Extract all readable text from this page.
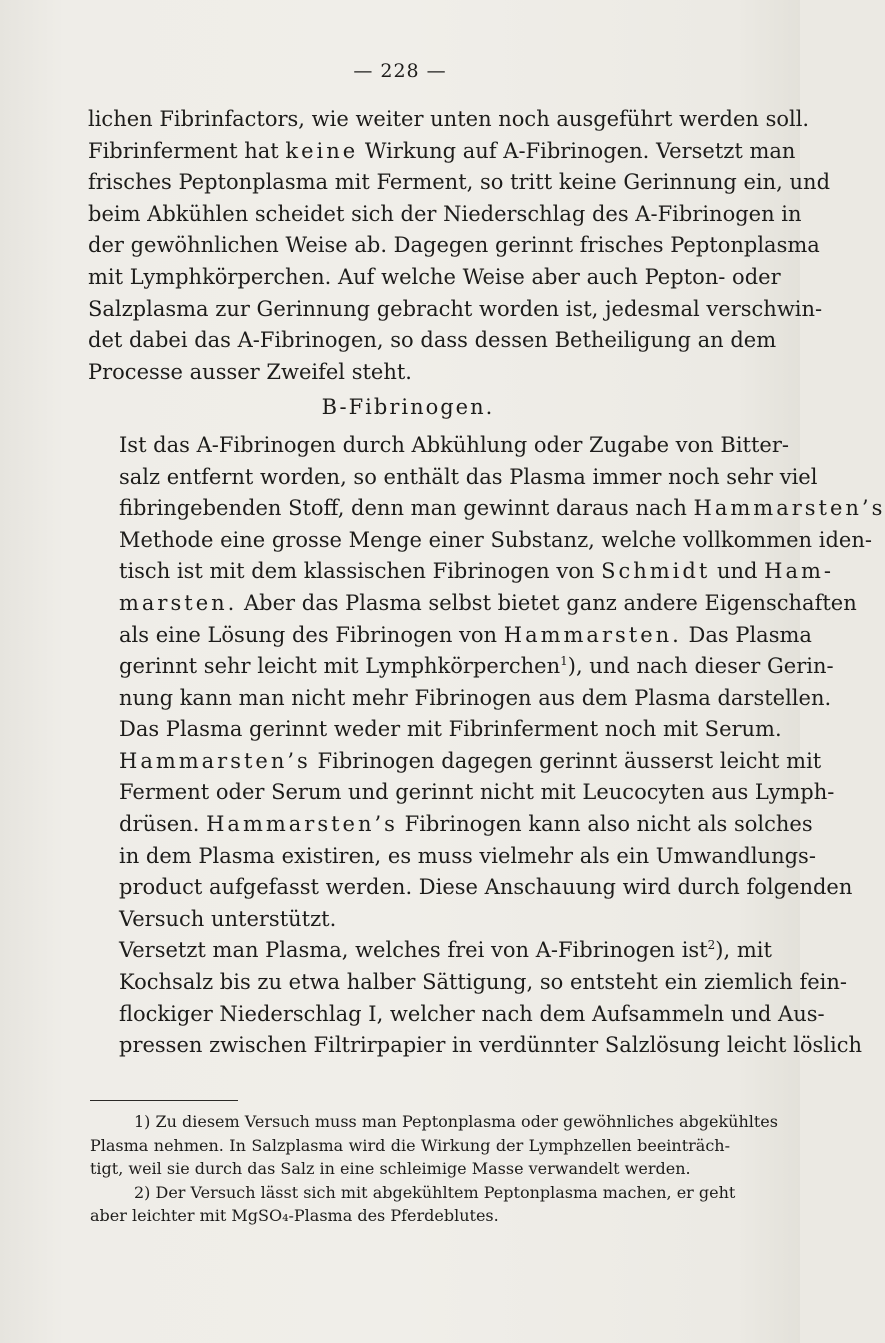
— 228 —

lichen Fibrinfactors, wie weiter unten noch ausgeführt werden soll.
Fibrinferment hat keine Wirkung auf A-Fibrinogen. Versetzt man
frisches Peptonplasma mit Ferment, so tritt keine Gerinnung ein, und
beim Abkühlen scheidet sich der Niederschlag des A-Fibrinogen in
der gewöhnlichen Weise ab. Dagegen gerinnt frisches Peptonplasma
mit Lymphkörperchen. Auf welche Weise aber auch Pepton- oder
Salzplasma zur Gerinnung gebracht worden ist, jedesmal verschwin-
det dabei das A-Fibrinogen, so dass dessen Betheiligung an dem
Processe ausser Zweifel steht.

B-Fibrinogen.

Ist das A-Fibrinogen durch Abkühlung oder Zugabe von Bitter-
salz entfernt worden, so enthält das Plasma immer noch sehr viel
fibringebenden Stoff, denn man gewinnt daraus nach Hammarsten’s
Methode eine grosse Menge einer Substanz, welche vollkommen iden-
tisch ist mit dem klassischen Fibrinogen von Schmidt und Ham-
marsten. Aber das Plasma selbst bietet ganz andere Eigenschaften
als eine Lösung des Fibrinogen von Hammarsten. Das Plasma
gerinnt sehr leicht mit Lymphkörperchen$^1$), und nach dieser Gerin-
nung kann man nicht mehr Fibrinogen aus dem Plasma darstellen.
Das Plasma gerinnt weder mit Fibrinferment noch mit Serum.
Hammarsten’s Fibrinogen dagegen gerinnt äusserst leicht mit
Ferment oder Serum und gerinnt nicht mit Leucocyten aus Lymph-
drüsen. Hammarsten’s Fibrinogen kann also nicht als solches
in dem Plasma existiren, es muss vielmehr als ein Umwandlungs-
product aufgefasst werden. Diese Anschauung wird durch folgenden
Versuch unterstützt.

Versetzt man Plasma, welches frei von A-Fibrinogen ist$^2$), mit
Kochsalz bis zu etwa halber Sättigung, so entsteht ein ziemlich fein-
flockiger Niederschlag I, welcher nach dem Aufsammeln und Aus-
pressen zwischen Filtrirpapier in verdünnter Salzlösung leicht löslich

1) Zu diesem Versuch muss man Peptonplasma oder gewöhnliches abgekühltes
Plasma nehmen. In Salzplasma wird die Wirkung der Lymphzellen beeinträch-
tigt, weil sie durch das Salz in eine schleimige Masse verwandelt werden.
2) Der Versuch lässt sich mit abgekühltem Peptonplasma machen, er geht
aber leichter mit MgSO₄-Plasma des Pferdeblutes.
